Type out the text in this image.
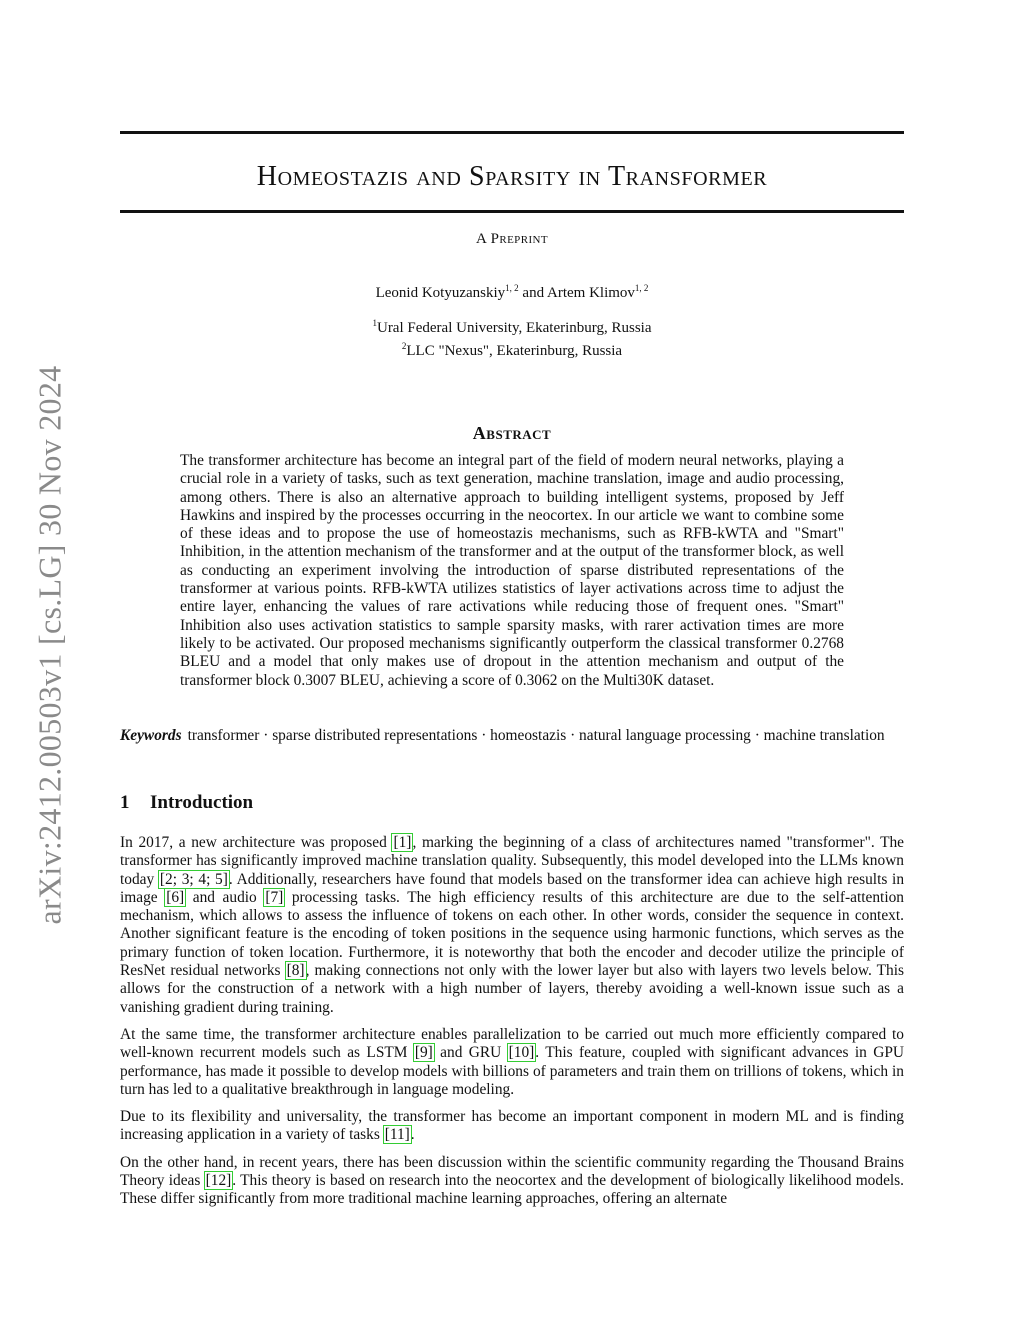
arXiv:2412.00503v1 [cs.LG] 30 Nov 2024
Homeostazis and Sparsity in Transformer
A Preprint
Leonid Kotyuzanskiy$^{1, 2}$ and Artem Klimov$^{1, 2}$
$^1$Ural Federal University, Ekaterinburg, Russia
$^2$LLC "Nexus", Ekaterinburg, Russia
Abstract
The transformer architecture has become an integral part of the field of modern neural networks, playing a crucial role in a variety of tasks, such as text generation, machine translation, image and audio processing, among others. There is also an alternative approach to building intelligent systems, proposed by Jeff Hawkins and inspired by the processes occurring in the neocortex. In our article we want to combine some of these ideas and to propose the use of homeostazis mechanisms, such as RFB-kWTA and "Smart" Inhibition, in the attention mechanism of the transformer and at the output of the transformer block, as well as conducting an experiment involving the introduction of sparse distributed representations of the transformer at various points. RFB-kWTA utilizes statistics of layer activations across time to adjust the entire layer, enhancing the values of rare activations while reducing those of frequent ones. "Smart" Inhibition also uses activation statistics to sample sparsity masks, with rarer activation times are more likely to be activated. Our proposed mechanisms significantly outperform the classical transformer 0.2768 BLEU and a model that only makes use of dropout in the attention mechanism and output of the transformer block 0.3007 BLEU, achieving a score of 0.3062 on the Multi30K dataset.
Keywords transformer · sparse distributed representations · homeostazis · natural language processing · machine translation
1 Introduction

In 2017, a new architecture was proposed [1], marking the beginning of a class of architectures named "transformer". The transformer has significantly improved machine translation quality. Subsequently, this model developed into the LLMs known today [2; 3; 4; 5]. Additionally, researchers have found that models based on the transformer idea can achieve high results in image [6] and audio [7] processing tasks. The high efficiency results of this architecture are due to the self-attention mechanism, which allows to assess the influence of tokens on each other. In other words, consider the sequence in context. Another significant feature is the encoding of token positions in the sequence using harmonic functions, which serves as the primary function of token location. Furthermore, it is noteworthy that both the encoder and decoder utilize the principle of ResNet residual networks [8], making connections not only with the lower layer but also with layers two levels below. This allows for the construction of a network with a high number of layers, thereby avoiding a well-known issue such as a vanishing gradient during training.

At the same time, the transformer architecture enables parallelization to be carried out much more efficiently compared to well-known recurrent models such as LSTM [9] and GRU [10]. This feature, coupled with significant advances in GPU performance, has made it possible to develop models with billions of parameters and train them on trillions of tokens, which in turn has led to a qualitative breakthrough in language modeling.

Due to its flexibility and universality, the transformer has become an important component in modern ML and is finding increasing application in a variety of tasks [11].

On the other hand, in recent years, there has been discussion within the scientific community regarding the Thousand Brains Theory ideas [12]. This theory is based on research into the neocortex and the development of biologically likelihood models. These differ significantly from more traditional machine learning approaches, offering an alternate
